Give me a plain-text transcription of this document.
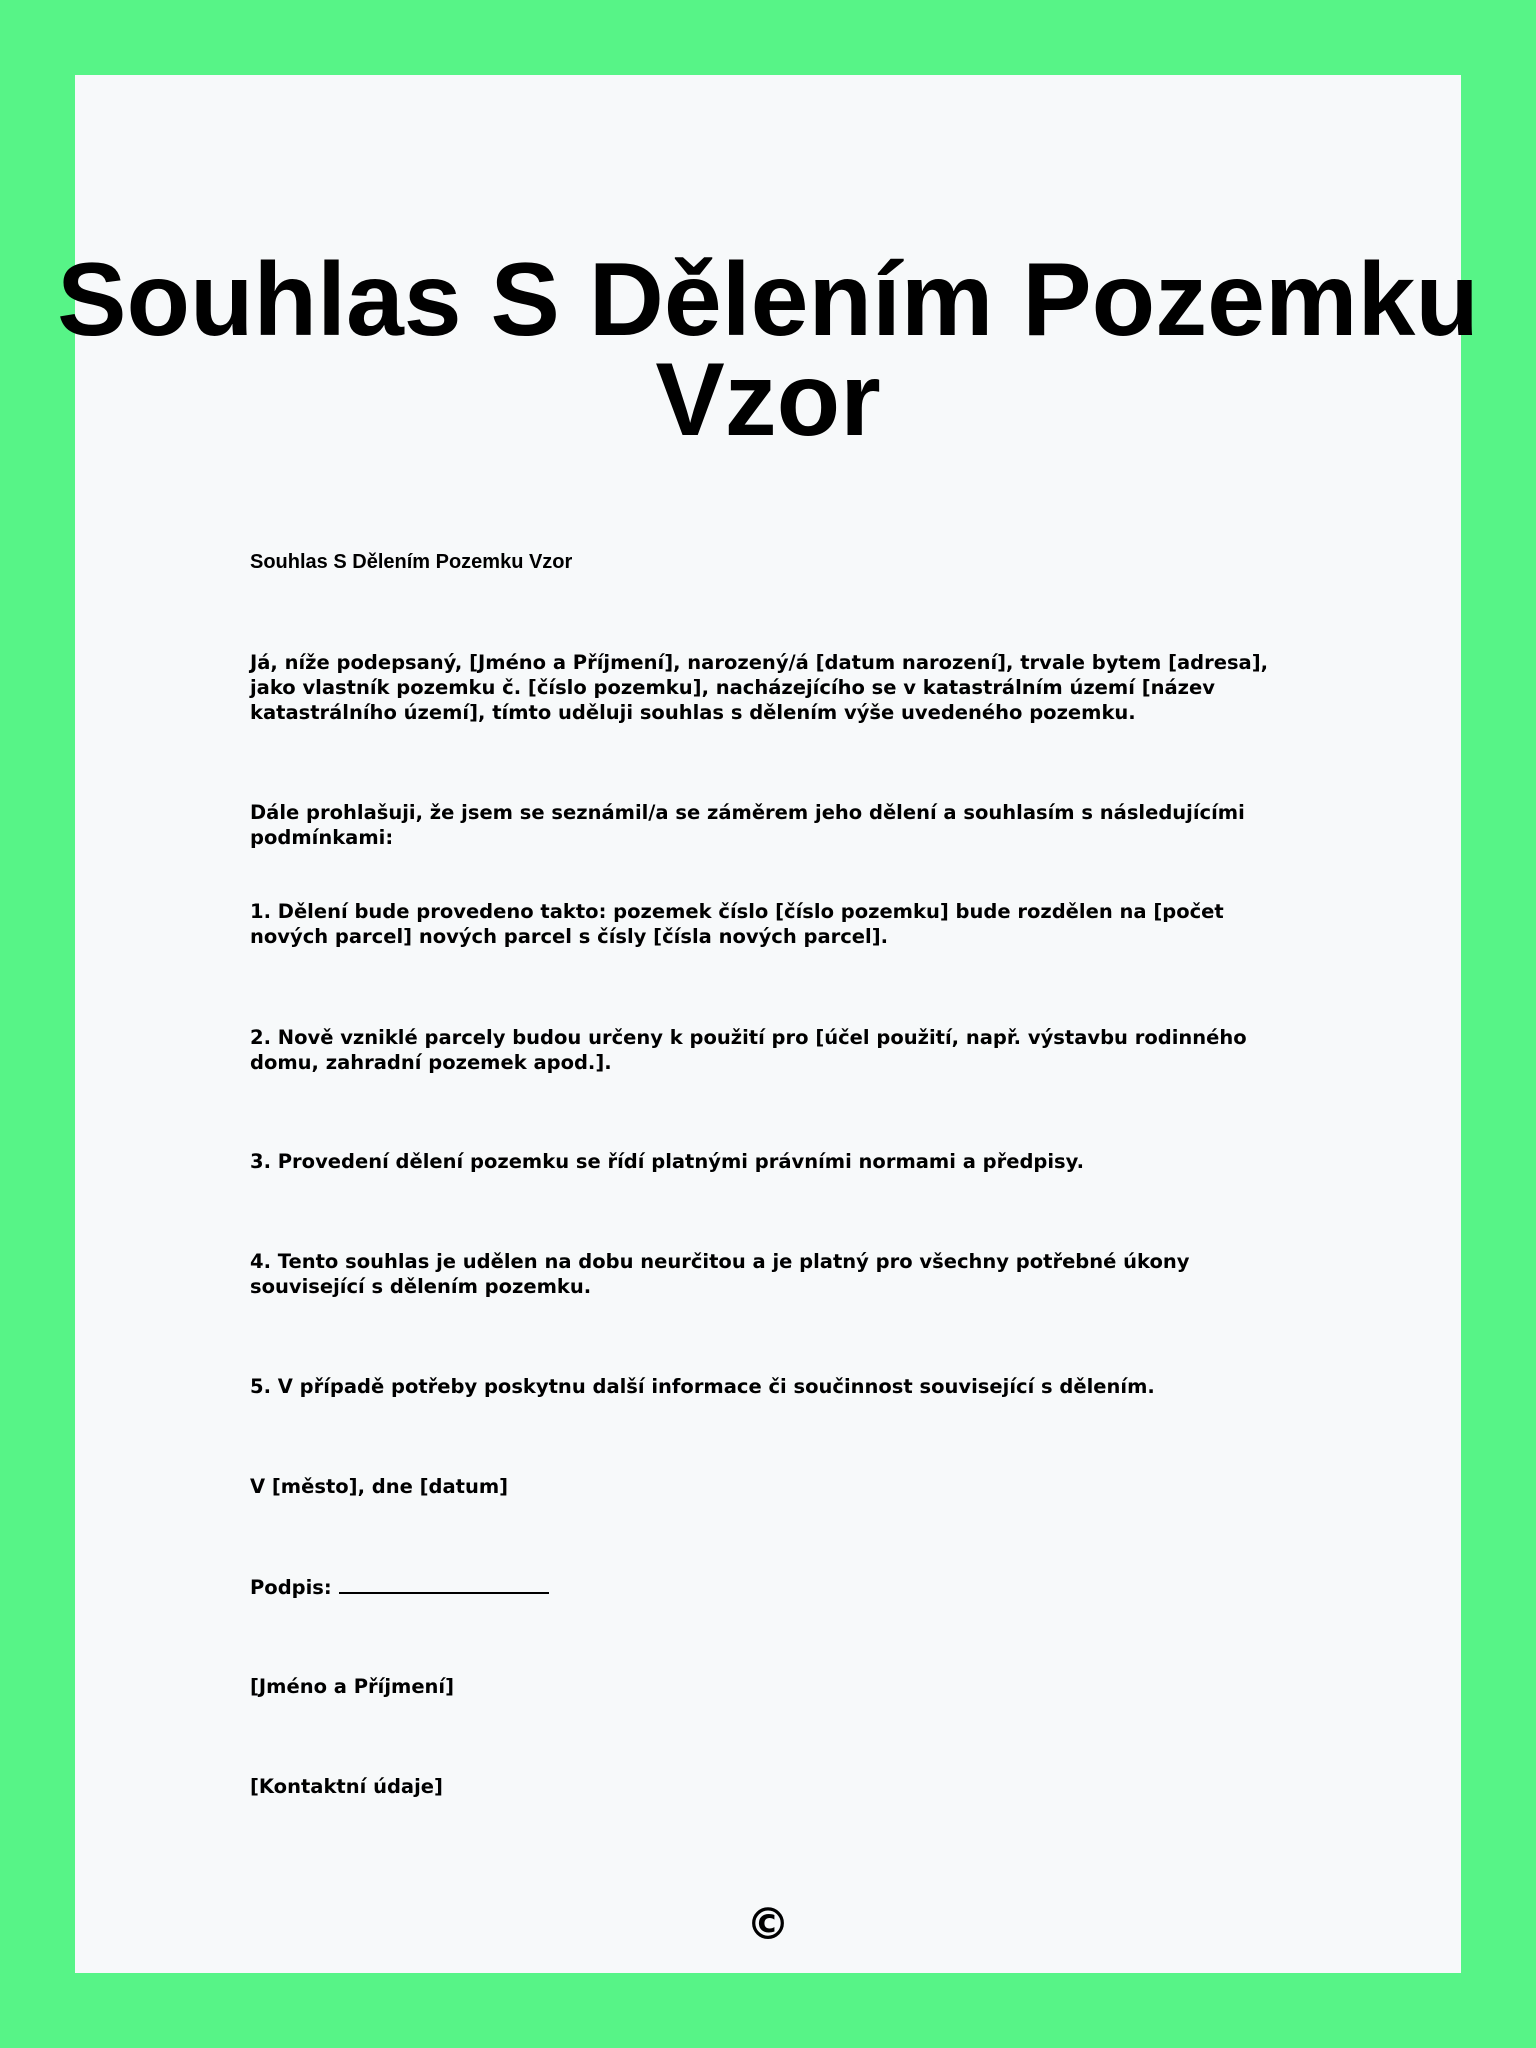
Souhlas S Dělením Pozemku
Vzor

Souhlas S Dělením Pozemku Vzor

Já, níže podepsaný, [Jméno a Příjmení], narozený/á [datum narození], trvale bytem [adresa], jako vlastník pozemku č. [číslo pozemku], nacházejícího se v katastrálním území [název katastrálního území], tímto uděluji souhlas s dělením výše uvedeného pozemku.

Dále prohlašuji, že jsem se seznámil/a se záměrem jeho dělení a souhlasím s následujícími podmínkami:

1. Dělení bude provedeno takto: pozemek číslo [číslo pozemku] bude rozdělen na [počet nových parcel] nových parcel s čísly [čísla nových parcel].

2. Nově vzniklé parcely budou určeny k použití pro [účel použití, např. výstavbu rodinného domu, zahradní pozemek apod.].

3. Provedení dělení pozemku se řídí platnými právními normami a předpisy.

4. Tento souhlas je udělen na dobu neurčitou a je platný pro všechny potřebné úkony související s dělením pozemku.

5. V případě potřeby poskytnu další informace či součinnost související s dělením.

V [město], dne [datum]

Podpis:

[Jméno a Příjmení]

[Kontaktní údaje]

©
